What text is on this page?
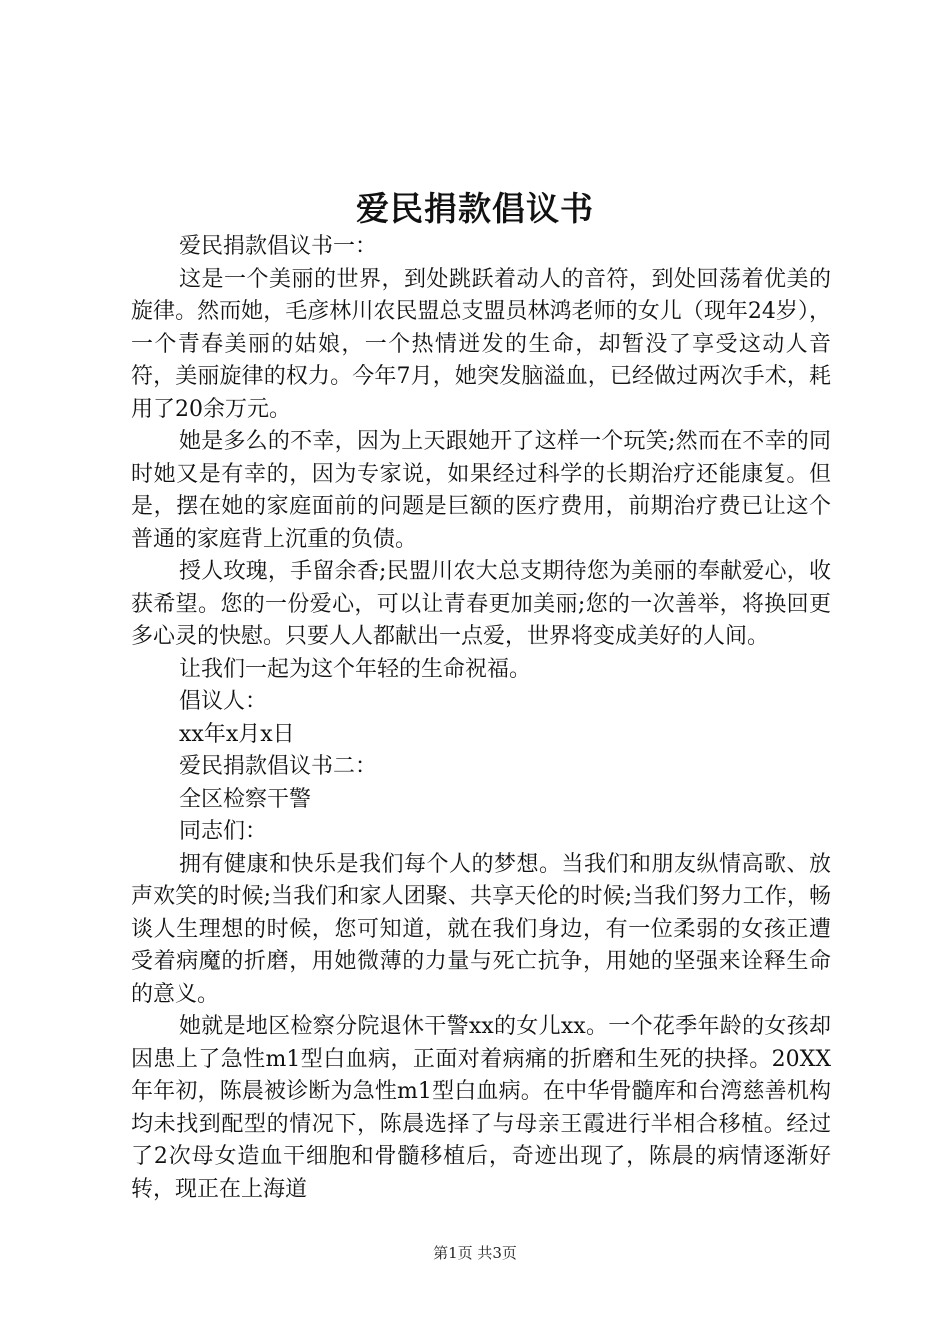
爱民捐款倡议书

爱民捐款倡议书一：

这是一个美丽的世界，到处跳跃着动人的音符，到处回荡着优美的旋律。然而她，毛彦林川农民盟总支盟员林鸿老师的女儿（现年24岁），一个青春美丽的姑娘，一个热情迸发的生命，却暂没了享受这动人音符，美丽旋律的权力。今年7月，她突发脑溢血，已经做过两次手术，耗用了20余万元。

她是多么的不幸，因为上天跟她开了这样一个玩笑;然而在不幸的同时她又是有幸的，因为专家说，如果经过科学的长期治疗还能康复。但是，摆在她的家庭面前的问题是巨额的医疗费用，前期治疗费已让这个普通的家庭背上沉重的负债。

授人玫瑰，手留余香;民盟川农大总支期待您为美丽的奉献爱心，收获希望。您的一份爱心，可以让青春更加美丽;您的一次善举，将换回更多心灵的快慰。只要人人都献出一点爱，世界将变成美好的人间。

让我们一起为这个年轻的生命祝福。

倡议人：

xx年x月x日

爱民捐款倡议书二：

全区检察干警

同志们：

拥有健康和快乐是我们每个人的梦想。当我们和朋友纵情高歌、放声欢笑的时候;当我们和家人团聚、共享天伦的时候;当我们努力工作，畅谈人生理想的时候，您可知道，就在我们身边，有一位柔弱的女孩正遭受着病魔的折磨，用她微薄的力量与死亡抗争，用她的坚强来诠释生命的意义。

她就是地区检察分院退休干警xx的女儿xx。一个花季年龄的女孩却因患上了急性m1型白血病，正面对着病痛的折磨和生死的抉择。20XX年年初，陈晨被诊断为急性m1型白血病。在中华骨髓库和台湾慈善机构均未找到配型的情况下，陈晨选择了与母亲王霞进行半相合移植。经过了2次母女造血干细胞和骨髓移植后，奇迹出现了，陈晨的病情逐渐好转，现正在上海道

第1页 共3页
